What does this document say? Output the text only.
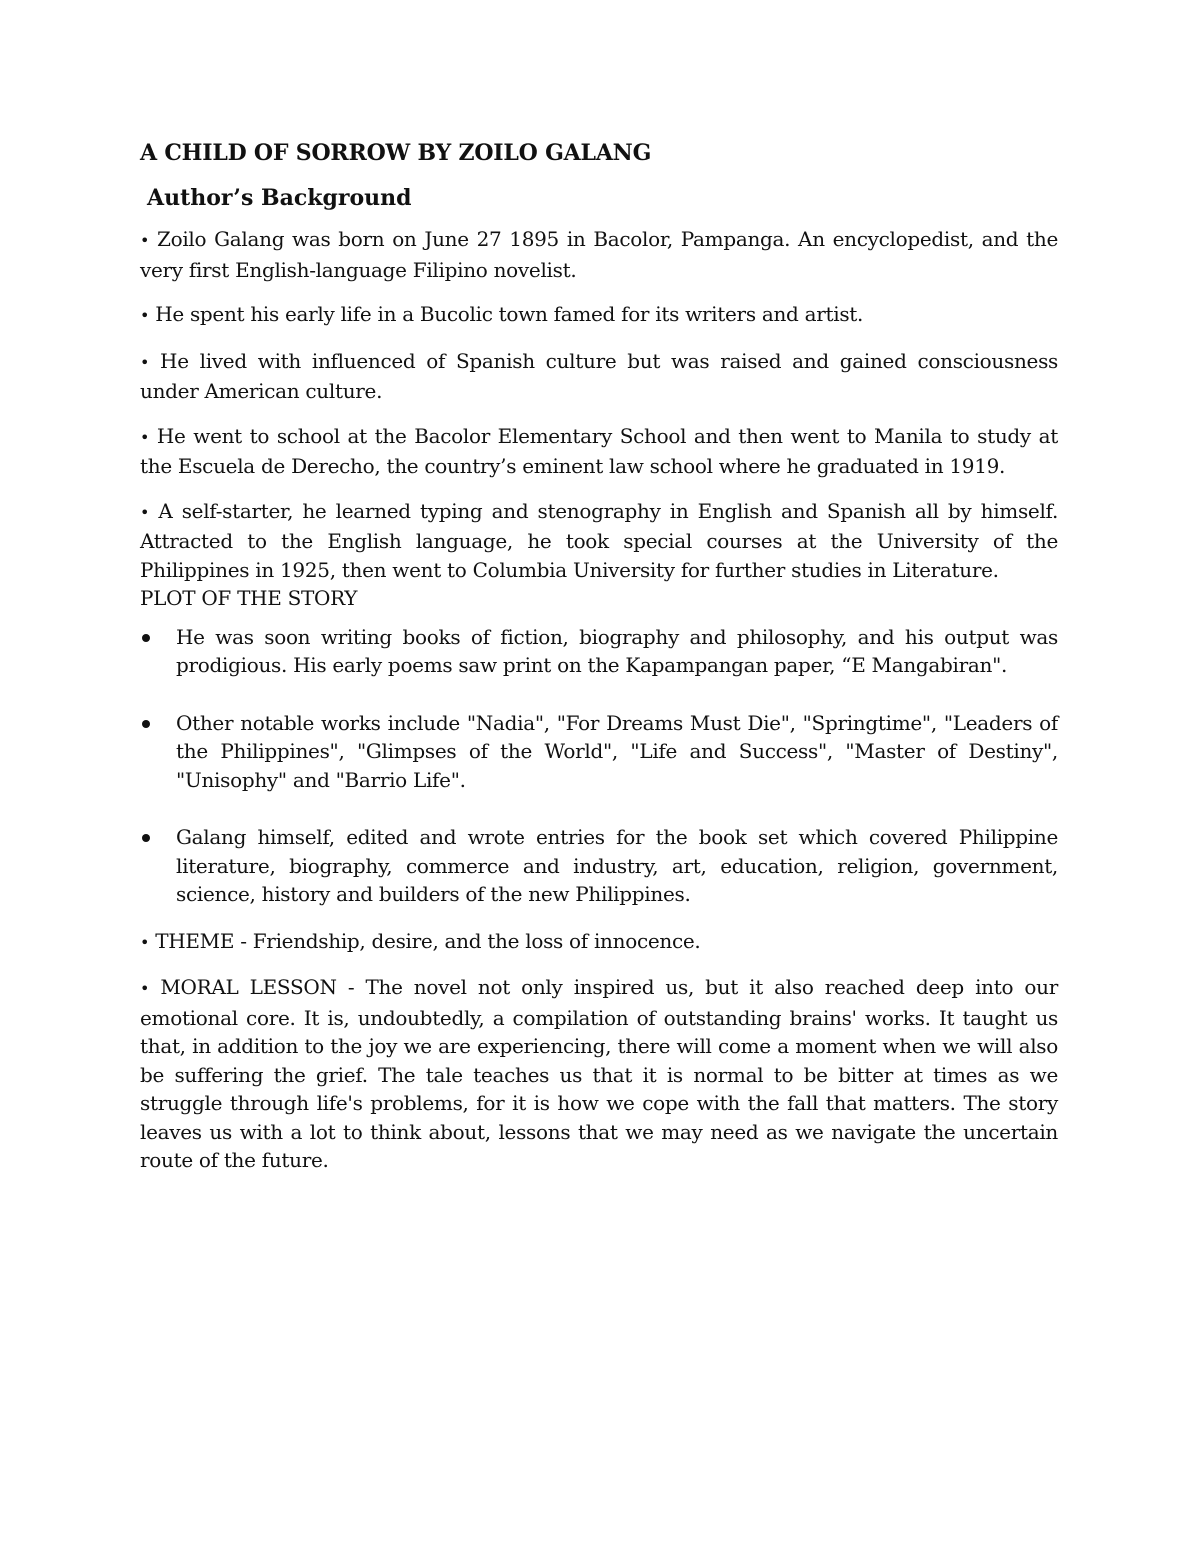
A CHILD OF SORROW BY ZOILO GALANG
Author’s Background

• Zoilo Galang was born on June 27 1895 in Bacolor, Pampanga. An encyclopedist, and the very first English-language Filipino novelist.

• He spent his early life in a Bucolic town famed for its writers and artist.

• He lived with influenced of Spanish culture but was raised and gained consciousness under American culture.

• He went to school at the Bacolor Elementary School and then went to Manila to study at the Escuela de Derecho, the country’s eminent law school where he graduated in 1919.

• A self-starter, he learned typing and stenography in English and Spanish all by himself. Attracted to the English language, he took special courses at the University of the Philippines in 1925, then went to Columbia University for further studies in Literature.
PLOT OF THE STORY

He was soon writing books of fiction, biography and philosophy, and his output was prodigious. His early poems saw print on the Kapampangan paper, “E Mangabiran".
Other notable works include "Nadia", "For Dreams Must Die", "Springtime", "Leaders of the Philippines", "Glimpses of the World", "Life and Success", "Master of Destiny", "Unisophy" and "Barrio Life".
Galang himself, edited and wrote entries for the book set which covered Philippine literature, biography, commerce and industry, art, education, religion, government, science, history and builders of the new Philippines.

• THEME - Friendship, desire, and the loss of innocence.

• MORAL LESSON - The novel not only inspired us, but it also reached deep into our emotional core. It is, undoubtedly, a compilation of outstanding brains' works. It taught us that, in addition to the joy we are experiencing, there will come a moment when we will also be suffering the grief. The tale teaches us that it is normal to be bitter at times as we struggle through life's problems, for it is how we cope with the fall that matters. The story leaves us with a lot to think about, lessons that we may need as we navigate the uncertain route of the future.
